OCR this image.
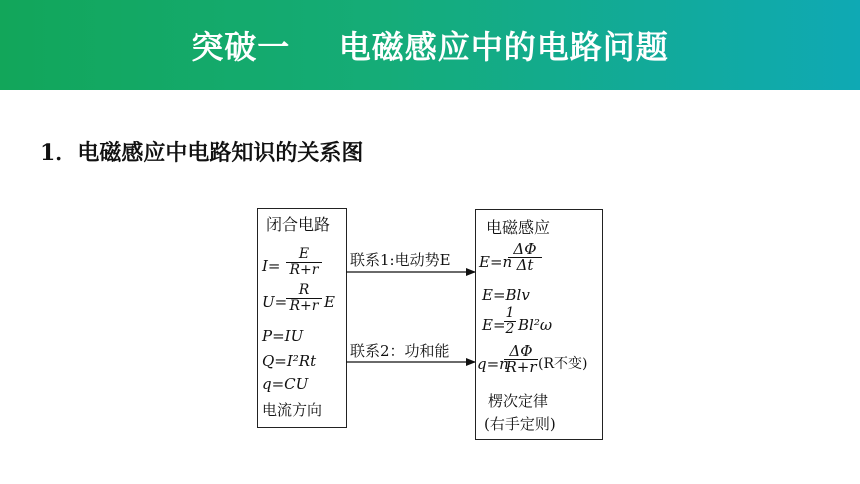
突破一    电磁感应中的电路问题
1．电磁感应中电路知识的关系图
闭合电路
$I= \frac{E}{R+r}$
U=
$\frac{R}{R+r}$ E
P=IU
Q=I²Rt
q=CU
电流方向
联系1:电动势E
联系2：功和能
电磁感应
E=n
$\frac{\Delta\Phi}{\Delta t}$
E=Blv
E=
$\frac{1}{2} Bl^2\omega$
q=n
$\frac{\Delta\Phi}{R+r} (R$不变)
楞次定律
(右手定则)
